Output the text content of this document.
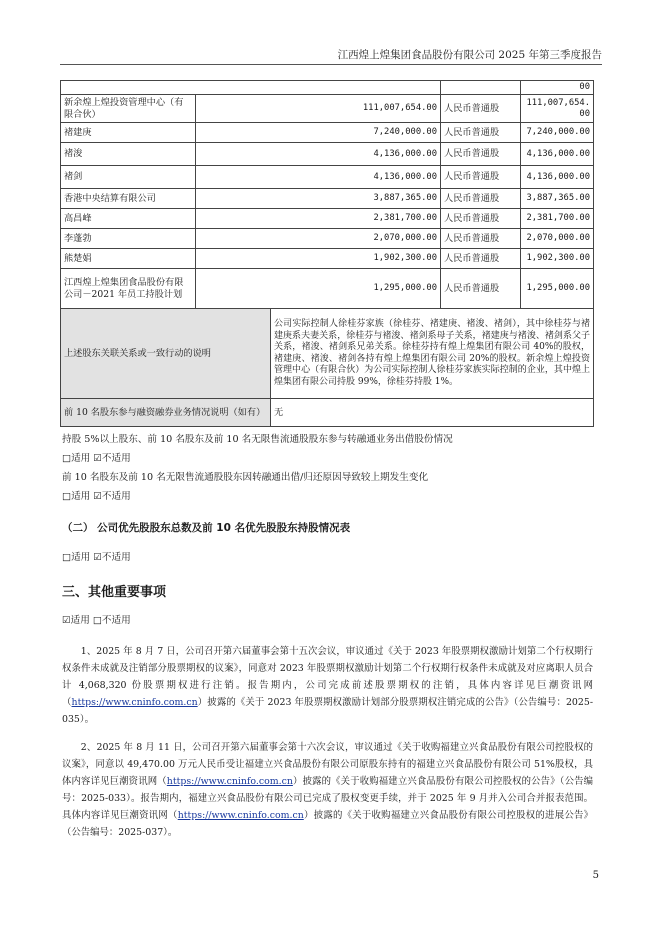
江西煌上煌集团食品股份有限公司 2025 年第三季度报告
				00
新余煌上煌投资管理中心（有限合伙）	111,007,654.00		人民币普通股	111,007,654.
00

褚建庚	7,240,000.00		人民币普通股	7,240,000.00
褚浚	4,136,000.00		人民币普通股	4,136,000.00
褚剑	4,136,000.00		人民币普通股	4,136,000.00
香港中央结算有限公司	3,887,365.00		人民币普通股	3,887,365.00
高昌峰	2,381,700.00		人民币普通股	2,381,700.00
李蓬勃	2,070,000.00		人民币普通股	2,070,000.00
熊楚娟	1,902,300.00		人民币普通股	1,902,300.00
江西煌上煌集团食品股份有限公司－2021 年员工持股计划	1,295,000.00		人民币普通股	1,295,000.00
上述股东关联关系或一致行动的说明		公司实际控制人徐桂芬家族（徐桂芬、褚建庚、褚浚、褚剑），其中徐桂芬与褚建庚系夫妻关系，徐桂芬与褚浚、褚剑系母子关系，褚建庚与褚浚、褚剑系父子关系，褚浚、褚剑系兄弟关系。徐桂芬持有煌上煌集团有限公司 40%的股权，褚建庚、褚浚、褚剑各持有煌上煌集团有限公司 20%的股权。新余煌上煌投资管理中心（有限合伙）为公司实际控制人徐桂芬家族实际控制的企业，其中煌上煌集团有限公司持股 99%，徐桂芬持股 1%。		
前 10 名股东参与融资融券业务情况说明（如有）		无		
持股 5%以上股东、前 10 名股东及前 10 名无限售流通股股东参与转融通业务出借股份情况
□适用 ☑不适用
前 10 名股东及前 10 名无限售流通股股东因转融通出借/归还原因导致较上期发生变化
□适用 ☑不适用
（二） 公司优先股股东总数及前 10 名优先股股东持股情况表
□适用 ☑不适用
三、其他重要事项
☑适用 □不适用
1、2025 年 8 月 7 日，公司召开第六届董事会第十五次会议，审议通过《关于 2023 年股票期权激励计划第二个行权期行权条件未成就及注销部分股票期权的议案》，同意对 2023 年股票期权激励计划第二个行权期行权条件未成就及对应离职人员合计 4,068,320 份股票期权进行注销。报告期内，公司完成前述股票期权的注销，具体内容详见巨潮资讯网（https://www.cninfo.com.cn）披露的《关于 2023 年股票期权激励计划部分股票期权注销完成的公告》（公告编号：2025-035）。
2、2025 年 8 月 11 日，公司召开第六届董事会第十六次会议，审议通过《关于收购福建立兴食品股份有限公司控股权的议案》，同意以 49,470.00 万元人民币受让福建立兴食品股份有限公司原股东持有的福建立兴食品股份有限公司 51%股权，具体内容详见巨潮资讯网（https://www.cninfo.com.cn）披露的《关于收购福建立兴食品股份有限公司控股权的公告》（公告编号：2025-033）。报告期内，福建立兴食品股份有限公司已完成了股权变更手续，并于 2025 年 9 月并入公司合并报表范围。具体内容详见巨潮资讯网（https://www.cninfo.com.cn）披露的《关于收购福建立兴食品股份有限公司控股权的进展公告》（公告编号：2025-037）。
5
